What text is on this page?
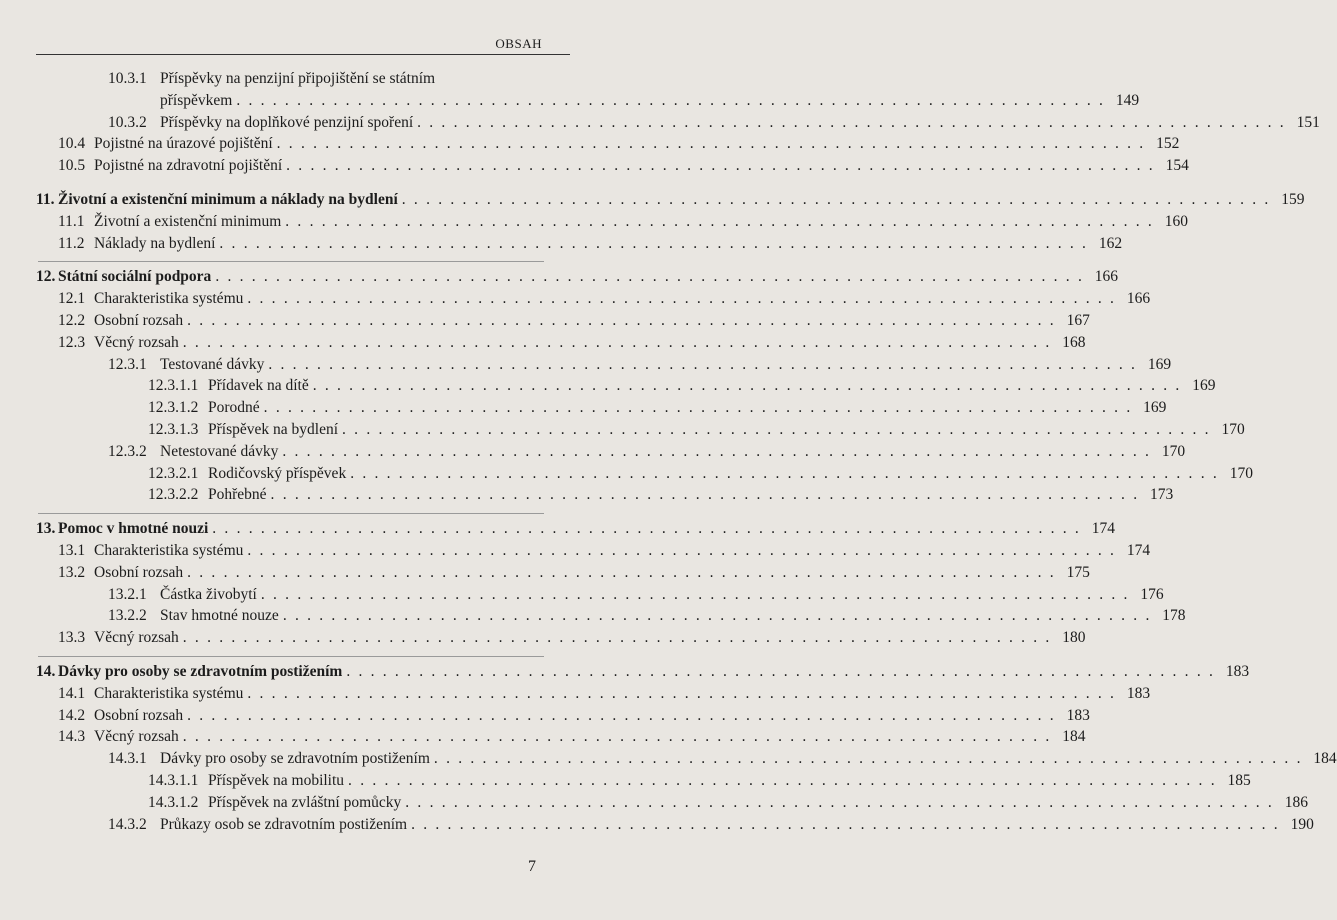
OBSAH
10.3.1 Příspěvky na penzijní připojištění se státním
příspěvkem . . . . . . . . . . . . . . . . . . . . . . . . . . . . . . . . . . . . . . . . . . . . . . . . . . . . . . . . . . . . . . . . . . . . . . . . 149
10.3.2 Příspěvky na doplňkové penzijní spoření . . . . . . . . . . . . . . . . . . . . . . . . . . . . . . . . . . . . . . . . . . . . . . . . . . . . . . . . . . . . . . . . . . . . . . . . 151
10.4 Pojistné na úrazové pojištění . . . . . . . . . . . . . . . . . . . . . . . . . . . . . . . . . . . . . . . . . . . . . . . . . . . . . . . . . . . . . . . . . . . . . . . . 152
10.5 Pojistné na zdravotní pojištění . . . . . . . . . . . . . . . . . . . . . . . . . . . . . . . . . . . . . . . . . . . . . . . . . . . . . . . . . . . . . . . . . . . . . . . . 154
11. Životní a existenční minimum a náklady na bydlení . . . . . . . . . . . . . . . . . . . . . . . . . . . . . . . . . . . . . . . . . . . . . . . . . . . . . . . . . . . . . . . . . . . . . . . . 159
11.1 Životní a existenční minimum . . . . . . . . . . . . . . . . . . . . . . . . . . . . . . . . . . . . . . . . . . . . . . . . . . . . . . . . . . . . . . . . . . . . . . . . 160
11.2 Náklady na bydlení . . . . . . . . . . . . . . . . . . . . . . . . . . . . . . . . . . . . . . . . . . . . . . . . . . . . . . . . . . . . . . . . . . . . . . . . 162
12. Státní sociální podpora . . . . . . . . . . . . . . . . . . . . . . . . . . . . . . . . . . . . . . . . . . . . . . . . . . . . . . . . . . . . . . . . . . . . . . . . 166
12.1 Charakteristika systému . . . . . . . . . . . . . . . . . . . . . . . . . . . . . . . . . . . . . . . . . . . . . . . . . . . . . . . . . . . . . . . . . . . . . . . . 166
12.2 Osobní rozsah . . . . . . . . . . . . . . . . . . . . . . . . . . . . . . . . . . . . . . . . . . . . . . . . . . . . . . . . . . . . . . . . . . . . . . . . 167
12.3 Věcný rozsah . . . . . . . . . . . . . . . . . . . . . . . . . . . . . . . . . . . . . . . . . . . . . . . . . . . . . . . . . . . . . . . . . . . . . . . . 168
12.3.1 Testované dávky . . . . . . . . . . . . . . . . . . . . . . . . . . . . . . . . . . . . . . . . . . . . . . . . . . . . . . . . . . . . . . . . . . . . . . . . 169
12.3.1.1 Přídavek na dítě . . . . . . . . . . . . . . . . . . . . . . . . . . . . . . . . . . . . . . . . . . . . . . . . . . . . . . . . . . . . . . . . . . . . . . . . 169
12.3.1.2 Porodné . . . . . . . . . . . . . . . . . . . . . . . . . . . . . . . . . . . . . . . . . . . . . . . . . . . . . . . . . . . . . . . . . . . . . . . . 169
12.3.1.3 Příspěvek na bydlení . . . . . . . . . . . . . . . . . . . . . . . . . . . . . . . . . . . . . . . . . . . . . . . . . . . . . . . . . . . . . . . . . . . . . . . . 170
12.3.2 Netestované dávky . . . . . . . . . . . . . . . . . . . . . . . . . . . . . . . . . . . . . . . . . . . . . . . . . . . . . . . . . . . . . . . . . . . . . . . . 170
12.3.2.1 Rodičovský příspěvek . . . . . . . . . . . . . . . . . . . . . . . . . . . . . . . . . . . . . . . . . . . . . . . . . . . . . . . . . . . . . . . . . . . . . . . . 170
12.3.2.2 Pohřebné . . . . . . . . . . . . . . . . . . . . . . . . . . . . . . . . . . . . . . . . . . . . . . . . . . . . . . . . . . . . . . . . . . . . . . . . 173
13. Pomoc v hmotné nouzi . . . . . . . . . . . . . . . . . . . . . . . . . . . . . . . . . . . . . . . . . . . . . . . . . . . . . . . . . . . . . . . . . . . . . . . . 174
13.1 Charakteristika systému . . . . . . . . . . . . . . . . . . . . . . . . . . . . . . . . . . . . . . . . . . . . . . . . . . . . . . . . . . . . . . . . . . . . . . . . 174
13.2 Osobní rozsah . . . . . . . . . . . . . . . . . . . . . . . . . . . . . . . . . . . . . . . . . . . . . . . . . . . . . . . . . . . . . . . . . . . . . . . . 175
13.2.1 Částka živobytí . . . . . . . . . . . . . . . . . . . . . . . . . . . . . . . . . . . . . . . . . . . . . . . . . . . . . . . . . . . . . . . . . . . . . . . . 176
13.2.2 Stav hmotné nouze . . . . . . . . . . . . . . . . . . . . . . . . . . . . . . . . . . . . . . . . . . . . . . . . . . . . . . . . . . . . . . . . . . . . . . . . 178
13.3 Věcný rozsah . . . . . . . . . . . . . . . . . . . . . . . . . . . . . . . . . . . . . . . . . . . . . . . . . . . . . . . . . . . . . . . . . . . . . . . . 180
14. Dávky pro osoby se zdravotním postižením . . . . . . . . . . . . . . . . . . . . . . . . . . . . . . . . . . . . . . . . . . . . . . . . . . . . . . . . . . . . . . . . . . . . . . . . 183
14.1 Charakteristika systému . . . . . . . . . . . . . . . . . . . . . . . . . . . . . . . . . . . . . . . . . . . . . . . . . . . . . . . . . . . . . . . . . . . . . . . . 183
14.2 Osobní rozsah . . . . . . . . . . . . . . . . . . . . . . . . . . . . . . . . . . . . . . . . . . . . . . . . . . . . . . . . . . . . . . . . . . . . . . . . 183
14.3 Věcný rozsah . . . . . . . . . . . . . . . . . . . . . . . . . . . . . . . . . . . . . . . . . . . . . . . . . . . . . . . . . . . . . . . . . . . . . . . . 184
14.3.1 Dávky pro osoby se zdravotním postižením . . . . . . . . . . . . . . . . . . . . . . . . . . . . . . . . . . . . . . . . . . . . . . . . . . . . . . . . . . . . . . . . . . . . . . . . 184
14.3.1.1 Příspěvek na mobilitu . . . . . . . . . . . . . . . . . . . . . . . . . . . . . . . . . . . . . . . . . . . . . . . . . . . . . . . . . . . . . . . . . . . . . . . . 185
14.3.1.2 Příspěvek na zvláštní pomůcky . . . . . . . . . . . . . . . . . . . . . . . . . . . . . . . . . . . . . . . . . . . . . . . . . . . . . . . . . . . . . . . . . . . . . . . . 186
14.3.2 Průkazy osob se zdravotním postižením . . . . . . . . . . . . . . . . . . . . . . . . . . . . . . . . . . . . . . . . . . . . . . . . . . . . . . . . . . . . . . . . . . . . . . . . 190
7
